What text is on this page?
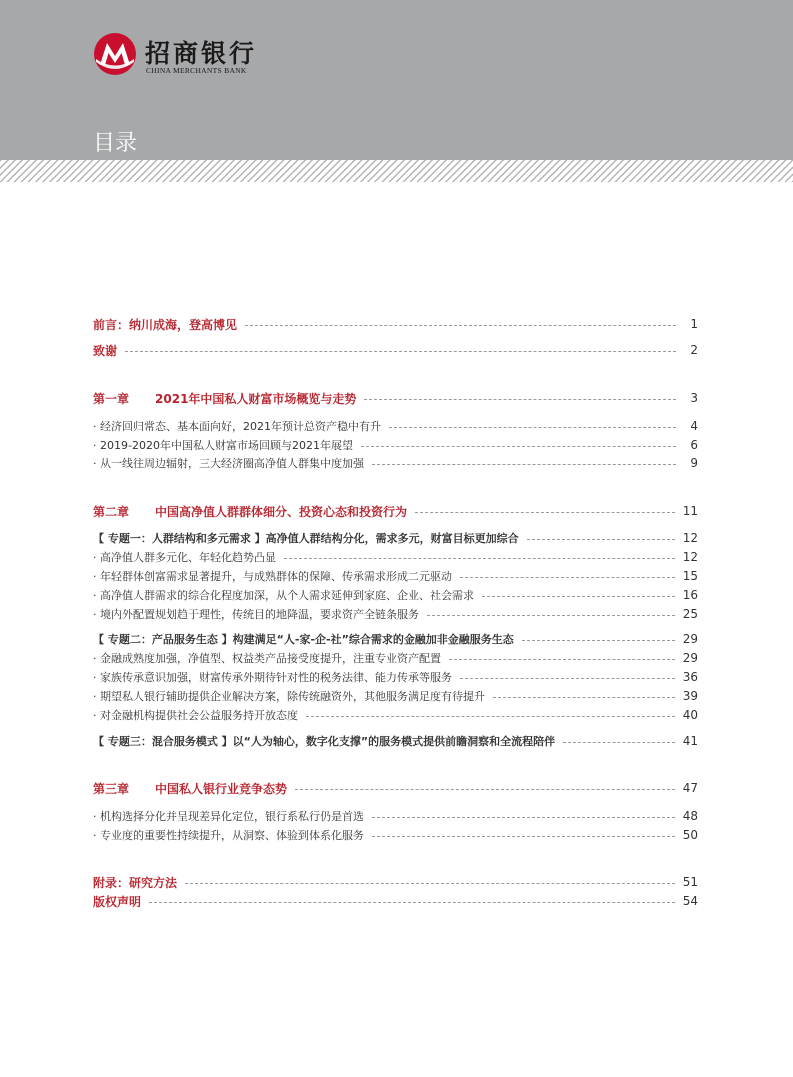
招商银行
CHINA MERCHANTS BANK
目录
前言：纳川成海，登高博见	1
致谢	2
第一章 2021年中国私人财富市场概览与走势	3
· 经济回归常态、基本面向好，2021年预计总资产稳中有升	4
· 2019-2020年中国私人财富市场回顾与2021年展望	6
· 从一线往周边辐射，三大经济圈高净值人群集中度加强	9
第二章 中国高净值人群群体细分、投资心态和投资行为	11
【 专题一：人群结构和多元需求 】高净值人群结构分化，需求多元，财富目标更加综合	12
· 高净值人群多元化、年轻化趋势凸显	12
· 年轻群体创富需求显著提升，与成熟群体的保障、传承需求形成二元驱动	15
· 高净值人群需求的综合化程度加深，从个人需求延伸到家庭、企业、社会需求	16
· 境内外配置规划趋于理性，传统目的地降温，要求资产全链条服务	25
【 专题二：产品服务生态 】构建满足“人-家-企-社”综合需求的金融加非金融服务生态	29
· 金融成熟度加强，净值型、权益类产品接受度提升，注重专业资产配置	29
· 家族传承意识加强，财富传承外期待针对性的税务法律、能力传承等服务	36
· 期望私人银行辅助提供企业解决方案，除传统融资外，其他服务满足度有待提升	39
· 对金融机构提供社会公益服务持开放态度	40
【 专题三：混合服务模式 】以“人为轴心，数字化支撑”的服务模式提供前瞻洞察和全流程陪伴	41
第三章 中国私人银行业竞争态势	47
· 机构选择分化并呈现差异化定位，银行系私行仍是首选	48
· 专业度的重要性持续提升，从洞察、体验到体系化服务	50
附录：研究方法	51
版权声明	54
